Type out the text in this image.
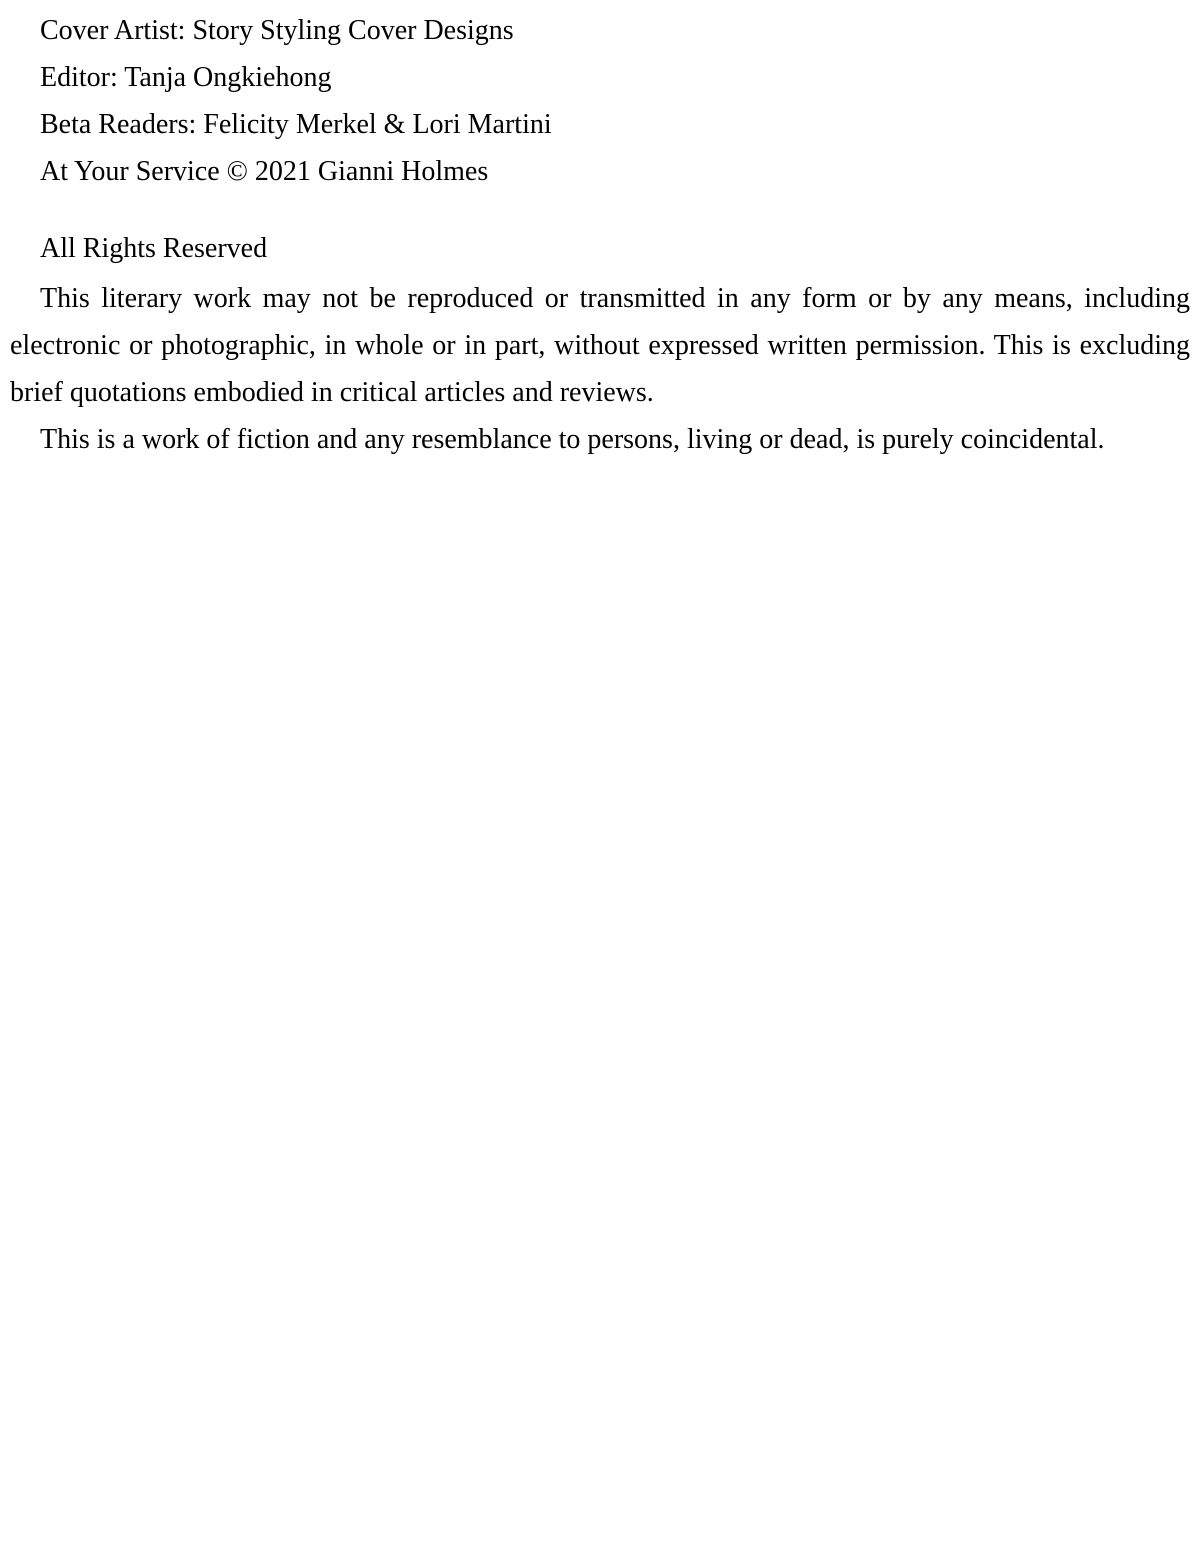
Cover Artist: Story Styling Cover Designs

Editor: Tanja Ongkiehong

Beta Readers: Felicity Merkel & Lori Martini

At Your Service © 2021 Gianni Holmes

All Rights Reserved

This literary work may not be reproduced or transmitted in any form or by any means, including electronic or photographic, in whole or in part, without expressed written permission. This is excluding brief quotations embodied in critical articles and reviews.

This is a work of fiction and any resemblance to persons, living or dead, is purely coincidental.
